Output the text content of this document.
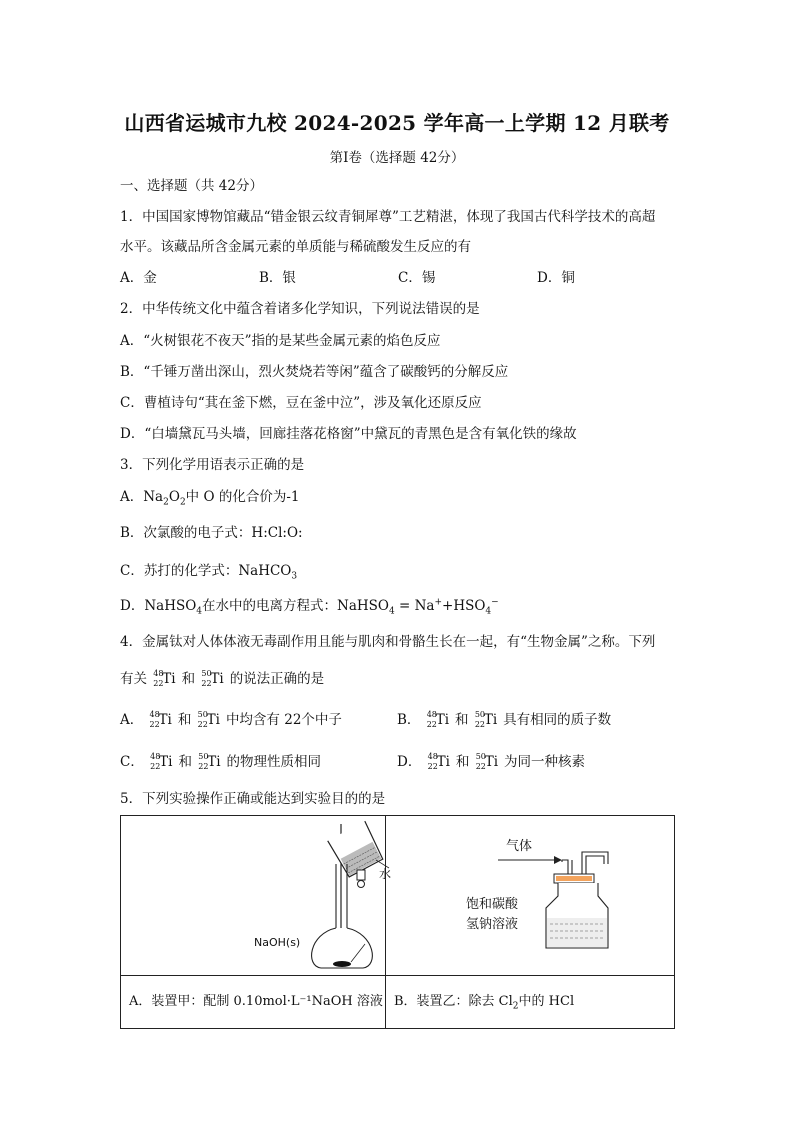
山西省运城市九校 2024-2025 学年高一上学期 12 月联考
第Ⅰ卷（选择题 42分）
一、选择题（共 42分）
1．中国国家博物馆藏品“错金银云纹青铜犀尊”工艺精湛，体现了我国古代科学技术的高超
水平。该藏品所含金属元素的单质能与稀硫酸发生反应的有
A．金	B．银	C．锡	D．铜
2．中华传统文化中蕴含着诸多化学知识，下列说法错误的是
A．“火树银花不夜天”指的是某些金属元素的焰色反应
B．“千锤万凿出深山，烈火焚烧若等闲”蕴含了碳酸钙的分解反应
C．曹植诗句“萁在釜下燃，豆在釜中泣”，涉及氧化还原反应
D．“白墙黛瓦马头墙，回廊挂落花格窗”中黛瓦的青黑色是含有氧化铁的缘故
3．下列化学用语表示正确的是
A．$Na_2O_2$中 O 的化合价为-1
B．次氯酸的电子式：H:Cl:O:
C．苏打的化学式：NaHCO$_3$
D．NaHSO$_4$在水中的电离方程式：NaHSO$_4$ = $Na^++HSO_4^-$
4．金属钛对人体体液无毒副作用且能与肌肉和骨骼生长在一起，有“生物金属”之称。下列
有关 48
22
Ti 和 50
22
Ti 的说法正确的是
A． 48
22
Ti 和 50
22
Ti 中均含有 22个中子	B． 48
22
Ti 和 50
22
Ti 具有相同的质子数
C． 48
22
Ti 和 50
22
Ti 的物理性质相同	D． 48
22
Ti 和 50
22
Ti 为同一种核素
5．下列实验操作正确或能达到实验目的的是
水
NaOH(s)	气体
饱和碳酸
氢钠溶液

A．装置甲：配制 0.10mol·L⁻¹NaOH 溶液	B．装置乙：除去 $Cl_2$中的 HCl
